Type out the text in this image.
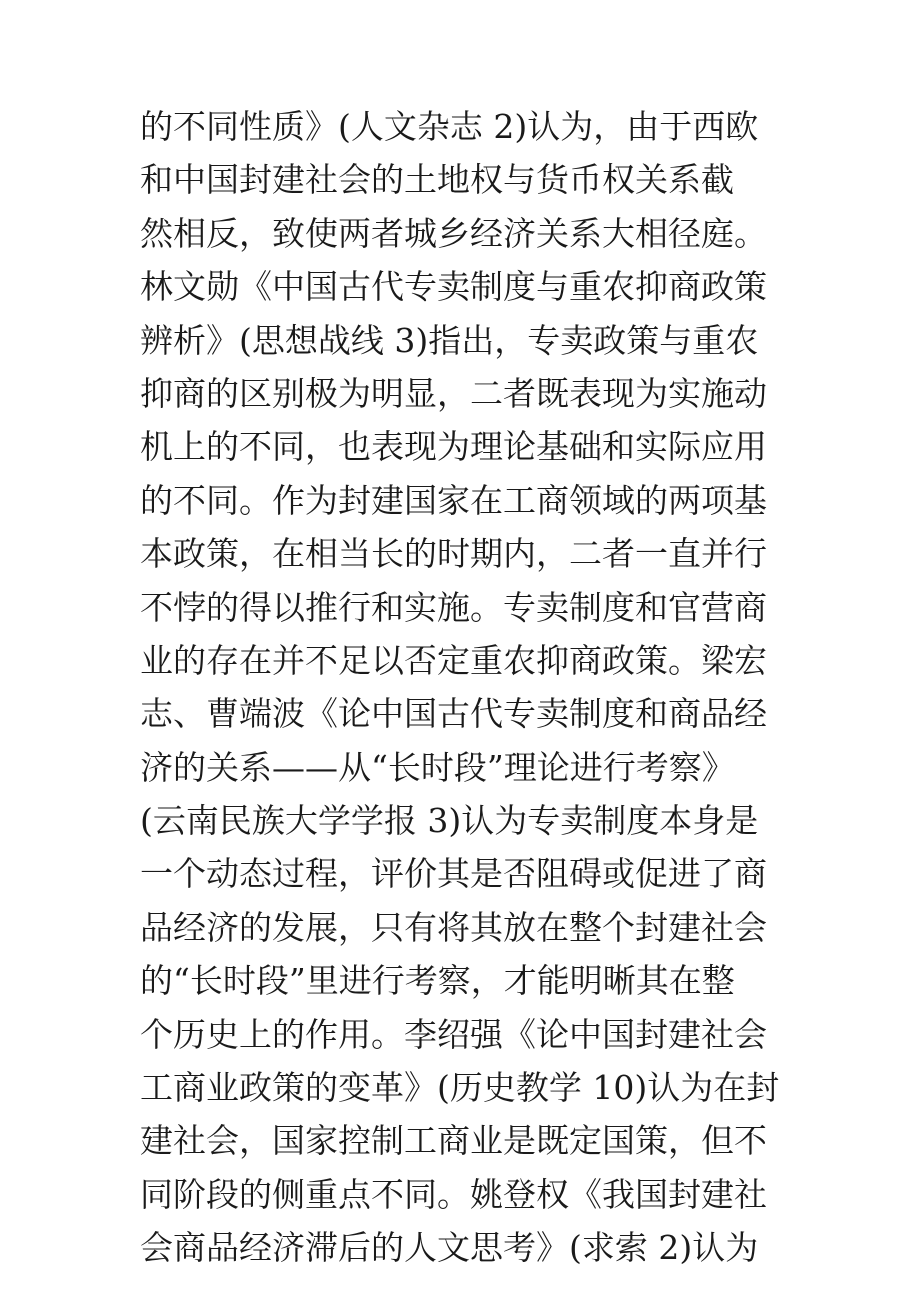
的不同性质》(人文杂志 2)认为，由于西欧
和中国封建社会的土地权与货币权关系截
然相反，致使两者城乡经济关系大相径庭。
林文勋《中国古代专卖制度与重农抑商政策
辨析》(思想战线 3)指出，专卖政策与重农
抑商的区别极为明显，二者既表现为实施动
机上的不同，也表现为理论基础和实际应用
的不同。作为封建国家在工商领域的两项基
本政策，在相当长的时期内，二者一直并行
不悖的得以推行和实施。专卖制度和官营商
业的存在并不足以否定重农抑商政策。梁宏
志、曹端波《论中国古代专卖制度和商品经
济的关系——从“长时段”理论进行考察》
(云南民族大学学报 3)认为专卖制度本身是
一个动态过程，评价其是否阻碍或促进了商
品经济的发展，只有将其放在整个封建社会
的“长时段”里进行考察，才能明晰其在整
个历史上的作用。李绍强《论中国封建社会
工商业政策的变革》(历史教学 10)认为在封
建社会，国家控制工商业是既定国策，但不
同阶段的侧重点不同。姚登权《我国封建社
会商品经济滞后的人文思考》(求索 2)认为
